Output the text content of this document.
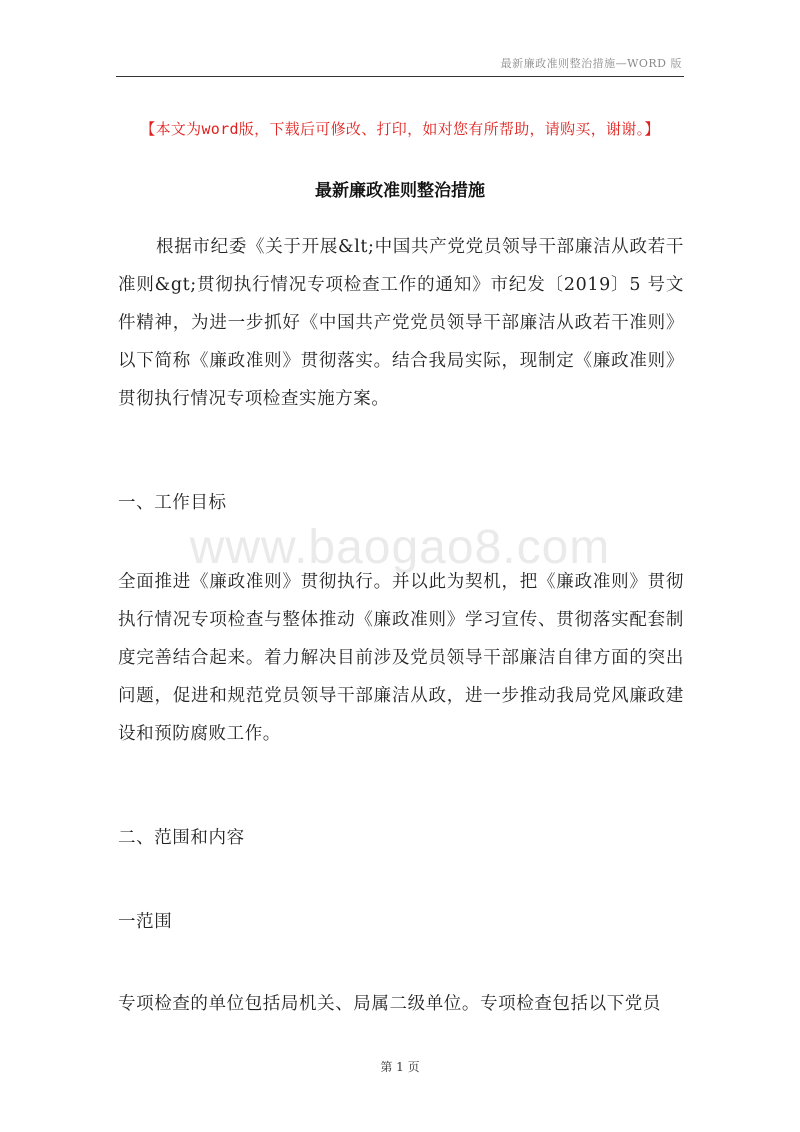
最新廉政准则整治措施—WORD 版
【本文为word版，下载后可修改、打印，如对您有所帮助，请购买，谢谢。】
最新廉政准则整治措施
根据市纪委《关于开展&lt;中国共产党党员领导干部廉洁从政若干准则&gt;贯彻执行情况专项检查工作的通知》市纪发〔2019〕5 号文件精神，为进一步抓好《中国共产党党员领导干部廉洁从政若干准则》以下简称《廉政准则》贯彻落实。结合我局实际，现制定《廉政准则》贯彻执行情况专项检查实施方案。
一、工作目标
www.baogao8.com
全面推进《廉政准则》贯彻执行。并以此为契机，把《廉政准则》贯彻执行情况专项检查与整体推动《廉政准则》学习宣传、贯彻落实配套制度完善结合起来。着力解决目前涉及党员领导干部廉洁自律方面的突出问题，促进和规范党员领导干部廉洁从政，进一步推动我局党风廉政建设和预防腐败工作。
二、范围和内容
一范围
专项检查的单位包括局机关、局属二级单位。专项检查包括以下党员
第 1 页
